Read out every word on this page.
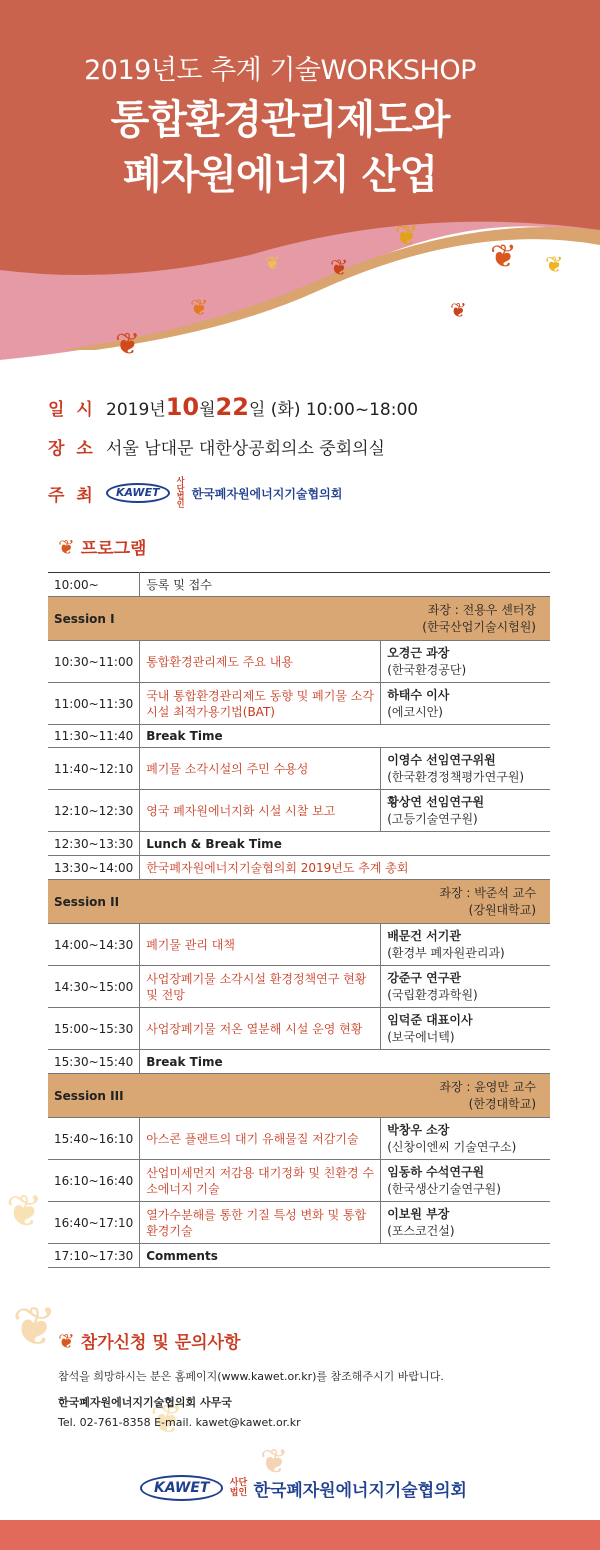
❦
❦ ❦
❦
❦
❦
❦
❦
2019년도 추계 기술WORKSHOP
통합환경관리제도와
폐자원에너지 산업
일 시 2019년 10 월 22 일 (화) 10:00~18:00
장 소 서울 남대문 대한상공회의소 중회의실
주 최	KAWET
사단법인
한국폐자원에너지기술협의회
❦ 프로그램
10:00~	등록 및 접수	
Session I		좌장 : 전용우 센터장
(한국산업기술시험원)

10:30~11:00	통합환경관리제도 주요 내용	오경근 과장
(한국환경공단)

11:00~11:30	국내 통합환경관리제도 동향 및 폐기물 소각시설 최적가용기법(BAT)	하태수 이사
(에코시안)

11:30~11:40	Break Time	
11:40~12:10	폐기물 소각시설의 주민 수용성	이영수 선임연구위원
(한국환경정책평가연구원)

12:10~12:30	영국 폐자원에너지화 시설 시찰 보고	황상연 선임연구원
(고등기술연구원)

12:30~13:30	Lunch & Break Time	
13:30~14:00	한국폐자원에너지기술협의회 2019년도 추계 총회	
Session II		좌장 : 박준석 교수
(강원대학교)

14:00~14:30	폐기물 관리 대책	배문건 서기관
(환경부 폐자원관리과)

14:30~15:00	사업장폐기물 소각시설 환경정책연구 현황 및 전망	강준구 연구관
(국립환경과학원)

15:00~15:30	사업장폐기물 저온 열분해 시설 운영 현황	임덕준 대표이사
(보국에너텍)

15:30~15:40	Break Time	
Session III		좌장 : 윤영만 교수
(한경대학교)

15:40~16:10	아스콘 플랜트의 대기 유해물질 저감기술	박창우 소장
(신창이엔씨 기술연구소)

16:10~16:40	산업미세먼지 저감용 대기정화 및 친환경 수소에너지 기술	임동하 수석연구원
(한국생산기술연구원)

16:40~17:10	열가수분해를 통한 기질 특성 변화 및 통합환경기술	이보원 부장
(포스코건설)

17:10~17:30	Comments	
❦
❦
❦
❦
❦ 참가신청 및 문의사항
참석을 희망하시는 분은 홈페이지(www.kawet.or.kr)를 참조해주시기 바랍니다.
한국폐자원에너지기술협의회 사무국
Tel. 02-761-8358 E-mail. kawet@kawet.or.kr
KAWET	사단법인 한국폐자원에너지기술협의회
